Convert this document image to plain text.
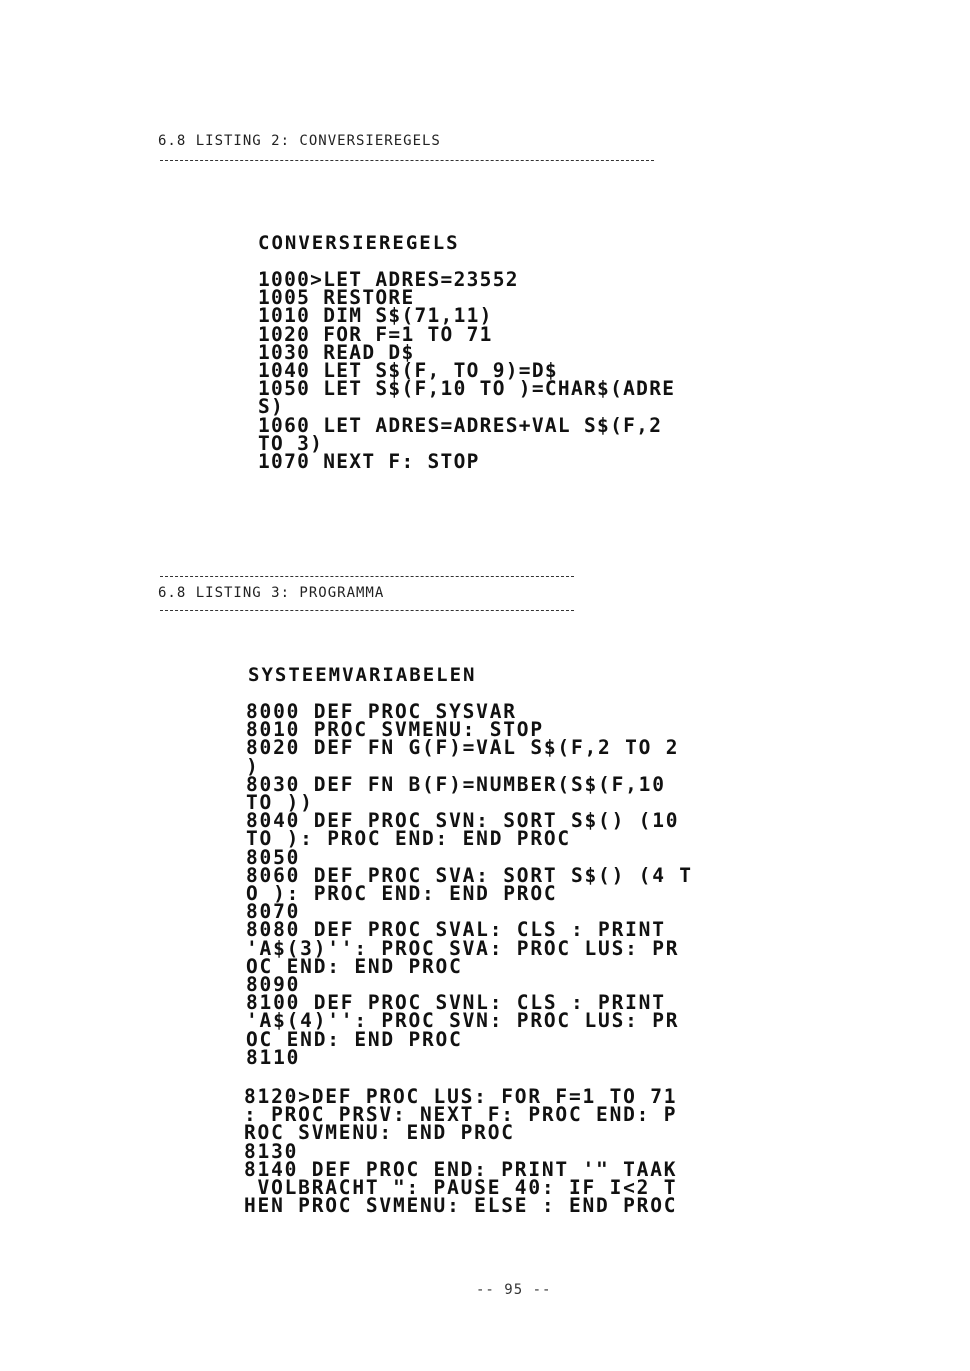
6.8 LISTING 2: CONVERSIEREGELS
CONVERSIEREGELS
1000>LET ADRES=23552
1005 RESTORE
1010 DIM S$(71,11)
1020 FOR F=1 TO 71
1030 READ D$
1040 LET S$(F, TO 9)=D$
1050 LET S$(F,10 TO )=CHAR$(ADRE
S)
1060 LET ADRES=ADRES+VAL S$(F,2
TO 3)
1070 NEXT F: STOP
6.8 LISTING 3: PROGRAMMA
SYSTEEMVARIABELEN
8000 DEF PROC SYSVAR
8010 PROC SVMENU: STOP
8020 DEF FN G(F)=VAL S$(F,2 TO 2
)
8030 DEF FN B(F)=NUMBER(S$(F,10
TO ))
8040 DEF PROC SVN: SORT S$() (10
TO ): PROC END: END PROC
8050
8060 DEF PROC SVA: SORT S$() (4 T
O ): PROC END: END PROC
8070
8080 DEF PROC SVAL: CLS : PRINT
'A$(3)'': PROC SVA: PROC LUS: PR
OC END: END PROC
8090
8100 DEF PROC SVNL: CLS : PRINT
'A$(4)'': PROC SVN: PROC LUS: PR
OC END: END PROC
8110
8120>DEF PROC LUS: FOR F=1 TO 71
: PROC PRSV: NEXT F: PROC END: P
ROC SVMENU: END PROC
8130
8140 DEF PROC END: PRINT '" TAAK
VOLBRACHT ": PAUSE 40: IF I<2 T
HEN PROC SVMENU: ELSE : END PROC
-- 95 --
